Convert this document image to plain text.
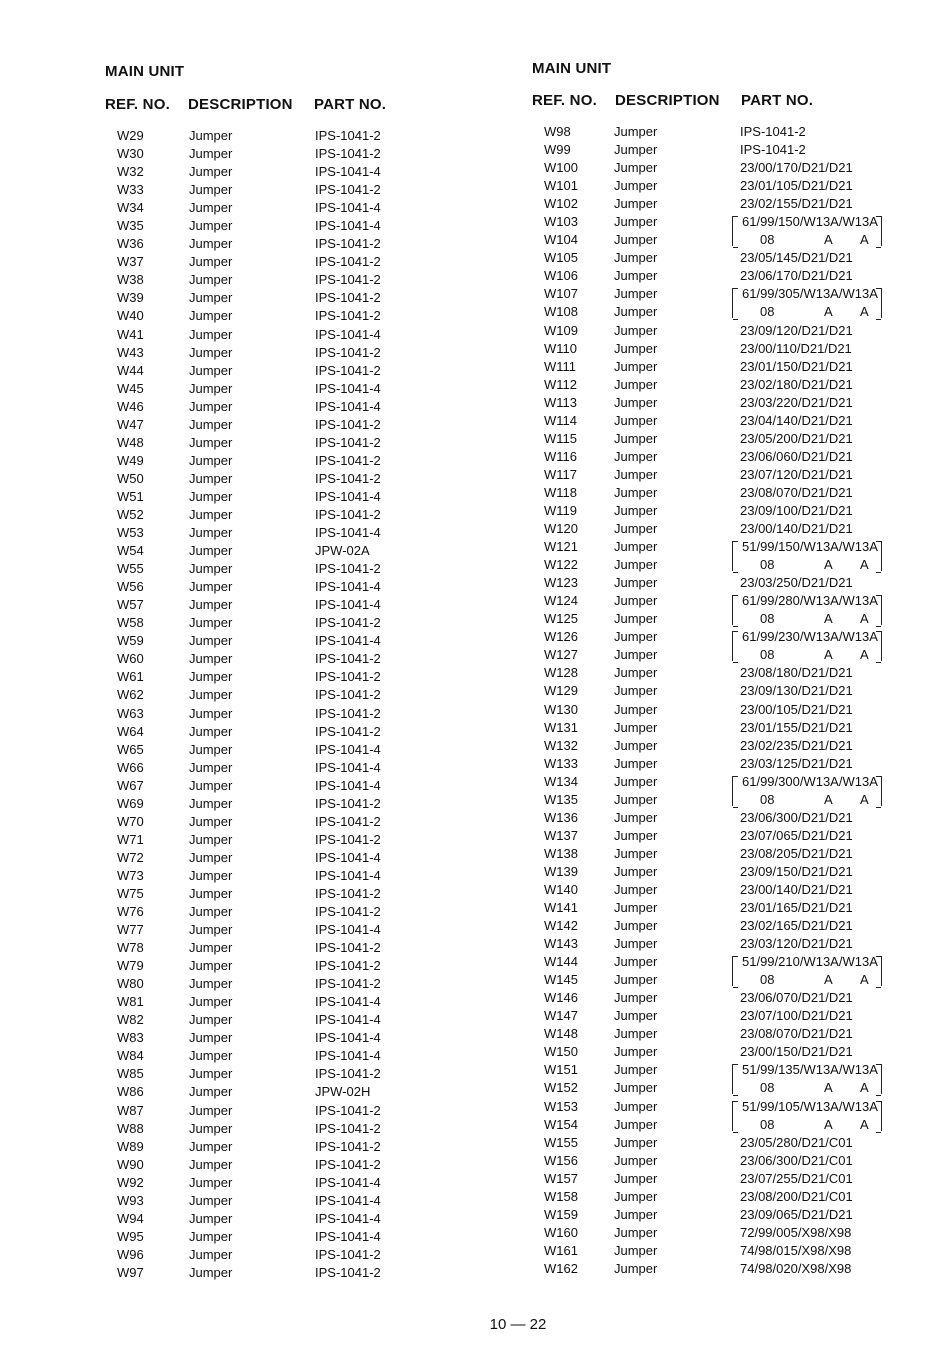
MAIN UNIT
REF. NO. DESCRIPTION PART NO.
W29	Jumper	IPS-1041-2
W30	Jumper	IPS-1041-2
W32	Jumper	IPS-1041-4
W33	Jumper	IPS-1041-2
W34	Jumper	IPS-1041-4
W35	Jumper	IPS-1041-4
W36	Jumper	IPS-1041-2
W37	Jumper	IPS-1041-2
W38	Jumper	IPS-1041-2
W39	Jumper	IPS-1041-2
W40	Jumper	IPS-1041-2
W41	Jumper	IPS-1041-4
W43	Jumper	IPS-1041-2
W44	Jumper	IPS-1041-2
W45	Jumper	IPS-1041-4
W46	Jumper	IPS-1041-4
W47	Jumper	IPS-1041-2
W48	Jumper	IPS-1041-2
W49	Jumper	IPS-1041-2
W50	Jumper	IPS-1041-2
W51	Jumper	IPS-1041-4
W52	Jumper	IPS-1041-2
W53	Jumper	IPS-1041-4
W54	Jumper	JPW-02A
W55	Jumper	IPS-1041-2
W56	Jumper	IPS-1041-4
W57	Jumper	IPS-1041-4
W58	Jumper	IPS-1041-2
W59	Jumper	IPS-1041-4
W60	Jumper	IPS-1041-2
W61	Jumper	IPS-1041-2
W62	Jumper	IPS-1041-2
W63	Jumper	IPS-1041-2
W64	Jumper	IPS-1041-2
W65	Jumper	IPS-1041-4
W66	Jumper	IPS-1041-4
W67	Jumper	IPS-1041-4
W69	Jumper	IPS-1041-2
W70	Jumper	IPS-1041-2
W71	Jumper	IPS-1041-2
W72	Jumper	IPS-1041-4
W73	Jumper	IPS-1041-4
W75	Jumper	IPS-1041-2
W76	Jumper	IPS-1041-2
W77	Jumper	IPS-1041-4
W78	Jumper	IPS-1041-2
W79	Jumper	IPS-1041-2
W80	Jumper	IPS-1041-2
W81	Jumper	IPS-1041-4
W82	Jumper	IPS-1041-4
W83	Jumper	IPS-1041-4
W84	Jumper	IPS-1041-4
W85	Jumper	IPS-1041-2
W86	Jumper	JPW-02H
W87	Jumper	IPS-1041-2
W88	Jumper	IPS-1041-2
W89	Jumper	IPS-1041-2
W90	Jumper	IPS-1041-2
W92	Jumper	IPS-1041-4
W93	Jumper	IPS-1041-4
W94	Jumper	IPS-1041-4
W95	Jumper	IPS-1041-4
W96	Jumper	IPS-1041-2
W97	Jumper	IPS-1041-2
MAIN UNIT
REF. NO. DESCRIPTION PART NO.
W98	Jumper	IPS-1041-2
W99	Jumper	IPS-1041-2
W100	Jumper	23/00/170/D21/D21
W101	Jumper	23/01/105/D21/D21
W102	Jumper	23/02/155/D21/D21
W103	Jumper	61/99/150/W13A/W13A
W104	Jumper	08	A A
W105	Jumper	23/05/145/D21/D21
W106	Jumper	23/06/170/D21/D21
W107	Jumper	61/99/305/W13A/W13A
W108	Jumper	08	A A
W109	Jumper	23/09/120/D21/D21
W110	Jumper	23/00/110/D21/D21
W111	Jumper	23/01/150/D21/D21
W112	Jumper	23/02/180/D21/D21
W113	Jumper	23/03/220/D21/D21
W114	Jumper	23/04/140/D21/D21
W115	Jumper	23/05/200/D21/D21
W116	Jumper	23/06/060/D21/D21
W117	Jumper	23/07/120/D21/D21
W118	Jumper	23/08/070/D21/D21
W119	Jumper	23/09/100/D21/D21
W120	Jumper	23/00/140/D21/D21
W121	Jumper	51/99/150/W13A/W13A
W122	Jumper	08	A A
W123	Jumper	23/03/250/D21/D21
W124	Jumper	61/99/280/W13A/W13A
W125	Jumper	08	A A
W126	Jumper	61/99/230/W13A/W13A
W127	Jumper	08	A A
W128	Jumper	23/08/180/D21/D21
W129	Jumper	23/09/130/D21/D21
W130	Jumper	23/00/105/D21/D21
W131	Jumper	23/01/155/D21/D21
W132	Jumper	23/02/235/D21/D21
W133	Jumper	23/03/125/D21/D21
W134	Jumper	61/99/300/W13A/W13A
W135	Jumper	08	A A
W136	Jumper	23/06/300/D21/D21
W137	Jumper	23/07/065/D21/D21
W138	Jumper	23/08/205/D21/D21
W139	Jumper	23/09/150/D21/D21
W140	Jumper	23/00/140/D21/D21
W141	Jumper	23/01/165/D21/D21
W142	Jumper	23/02/165/D21/D21
W143	Jumper	23/03/120/D21/D21
W144	Jumper	51/99/210/W13A/W13A
W145	Jumper	08	A A
W146	Jumper	23/06/070/D21/D21
W147	Jumper	23/07/100/D21/D21
W148	Jumper	23/08/070/D21/D21
W150	Jumper	23/00/150/D21/D21
W151	Jumper	51/99/135/W13A/W13A
W152	Jumper	08	A A
W153	Jumper	51/99/105/W13A/W13A
W154	Jumper	08	A A
W155	Jumper	23/05/280/D21/C01
W156	Jumper	23/06/300/D21/C01
W157	Jumper	23/07/255/D21/C01
W158	Jumper	23/08/200/D21/C01
W159	Jumper	23/09/065/D21/D21
W160	Jumper	72/99/005/X98/X98
W161	Jumper	74/98/015/X98/X98
W162	Jumper	74/98/020/X98/X98
10 — 22
